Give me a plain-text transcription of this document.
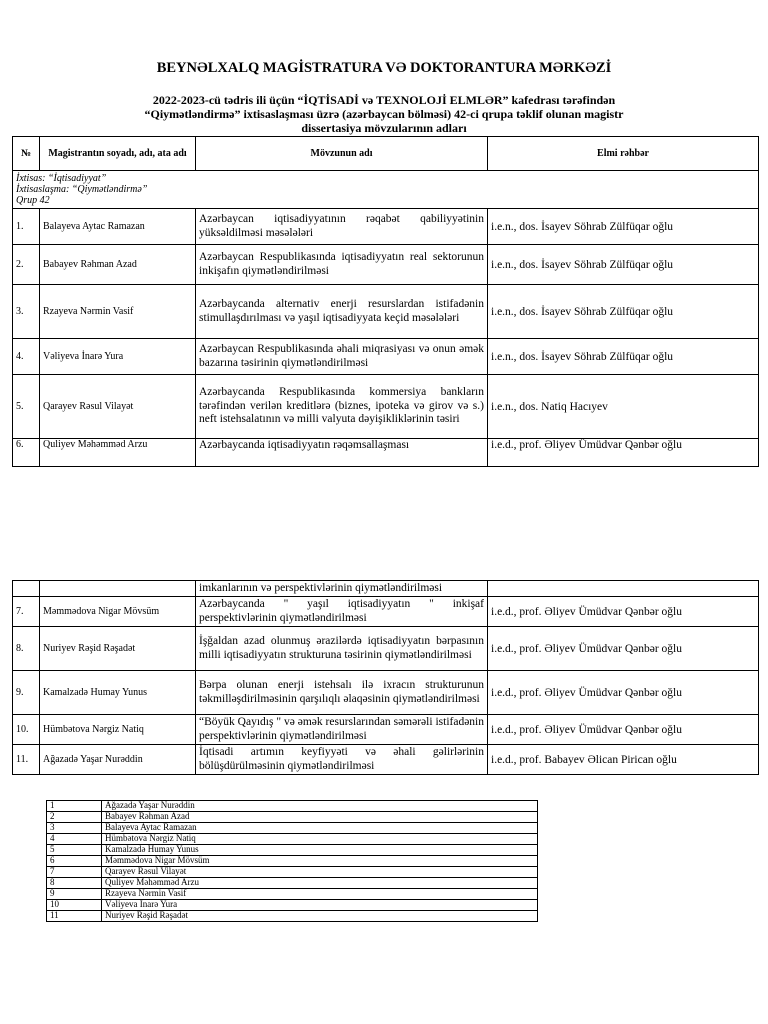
BEYNƏLXALQ MAGİSTRATURA VƏ DOKTORANTURA MƏRKƏZİ
2022-2023-cü tədris ili üçün “İQTİSADİ və TEXNOLOJİ ELMLƏR” kafedrası tərəfindən
“Qiymətləndirmə” ixtisaslaşması üzrə (azərbaycan bölməsi) 42-ci qrupa təklif olunan magistr
dissertasiya mövzularının adları
№	Magistrantın soyadı, adı, ata adı	Mövzunun adı	Elmi rəhbər

İxtisas: “İqtisadiyyat”
İxtisaslaşma: “Qiymətləndirmə”
Qrup 42			

1.	Balayeva Aytac Ramazan	Azərbaycan iqtisadiyyatının rəqabət qabiliyyətinin yüksəldilməsi məsələləri	i.e.n., dos. İsayev Söhrab Zülfüqar oğlu
2.	Babayev Rəhman Azad	Azərbaycan Respublikasında iqtisadiyyatın real sektorunun inkişafın qiymətləndirilməsi	i.e.n., dos. İsayev Söhrab Zülfüqar oğlu
3.	Rzayeva Nərmin Vasif	Azərbaycanda alternativ enerji resurslardan istifadənin stimullaşdırılması və yaşıl iqtisadiyyata keçid məsələləri	i.e.n., dos. İsayev Söhrab Zülfüqar oğlu
4.	Vəliyeva İnarə Yura	Azərbaycan Respublikasında əhali miqrasiyası və onun əmək bazarına təsirinin qiymətləndirilməsi	i.e.n., dos. İsayev Söhrab Zülfüqar oğlu
5.	Qarayev Rəsul Vilayət	Azərbaycanda Respublikasında kommersiya bankların tərəfindən verilən kreditlərə (biznes, ipoteka və girov və s.) neft istehsalatının və milli valyuta dəyişikliklərinin təsiri	i.e.n., dos. Natiq Hacıyev
6.	Quliyev Məhəmməd Arzu	Azərbaycanda iqtisadiyyatın rəqəmsallaşması	i.e.d., prof. Əliyev Ümüdvar Qənbər oğlu
		imkanlarının və perspektivlərinin qiymətləndirilməsi	
7.	Məmmədova Nigar Mövsüm	Azərbaycanda " yaşıl iqtisadiyyatın " inkişaf perspektivlərinin qiymətləndirilməsi	i.e.d., prof. Əliyev Ümüdvar Qənbər oğlu
8.	Nuriyev Rəşid Rəşadət	İşğaldan azad olunmuş ərazilərdə iqtisadiyyatın bərpasının milli iqtisadiyyatın strukturuna təsirinin qiymətləndirilməsi	i.e.d., prof. Əliyev Ümüdvar Qənbər oğlu
9.	Kamalzadə Humay Yunus	Bərpa olunan enerji istehsalı ilə ixracın strukturunun təkmilləşdirilməsinin qarşılıqlı əlaqəsinin qiymətləndirilməsi	i.e.d., prof. Əliyev Ümüdvar Qənbər oğlu
10.	Hümbətova Nərgiz Natiq	“Böyük Qayıdış " və əmək resurslarından səmərəli istifadənin perspektivlərinin qiymətləndirilməsi	i.e.d., prof. Əliyev Ümüdvar Qənbər oğlu
11.	Ağazadə Yaşar Nurəddin	İqtisadi artımın keyfiyyəti və əhali gəlirlərinin bölüşdürülməsinin qiymətləndirilməsi	i.e.d., prof. Babayev Əlican Pirican oğlu
1	Ağazadə Yaşar Nurəddin
2	Babayev Rəhman Azad
3	Balayeva Aytac Ramazan
4	Hümbətova Nərgiz Natiq
5	Kamalzadə Humay Yunus
6	Məmmədova Nigar Mövsüm
7	Qarayev Rəsul Vilayət
8	Quliyev Məhəmməd Arzu
9	Rzayeva Nərmin Vasif
10	Vəliyeva İnarə Yura
11	Nuriyev Rəşid Rəşadət
